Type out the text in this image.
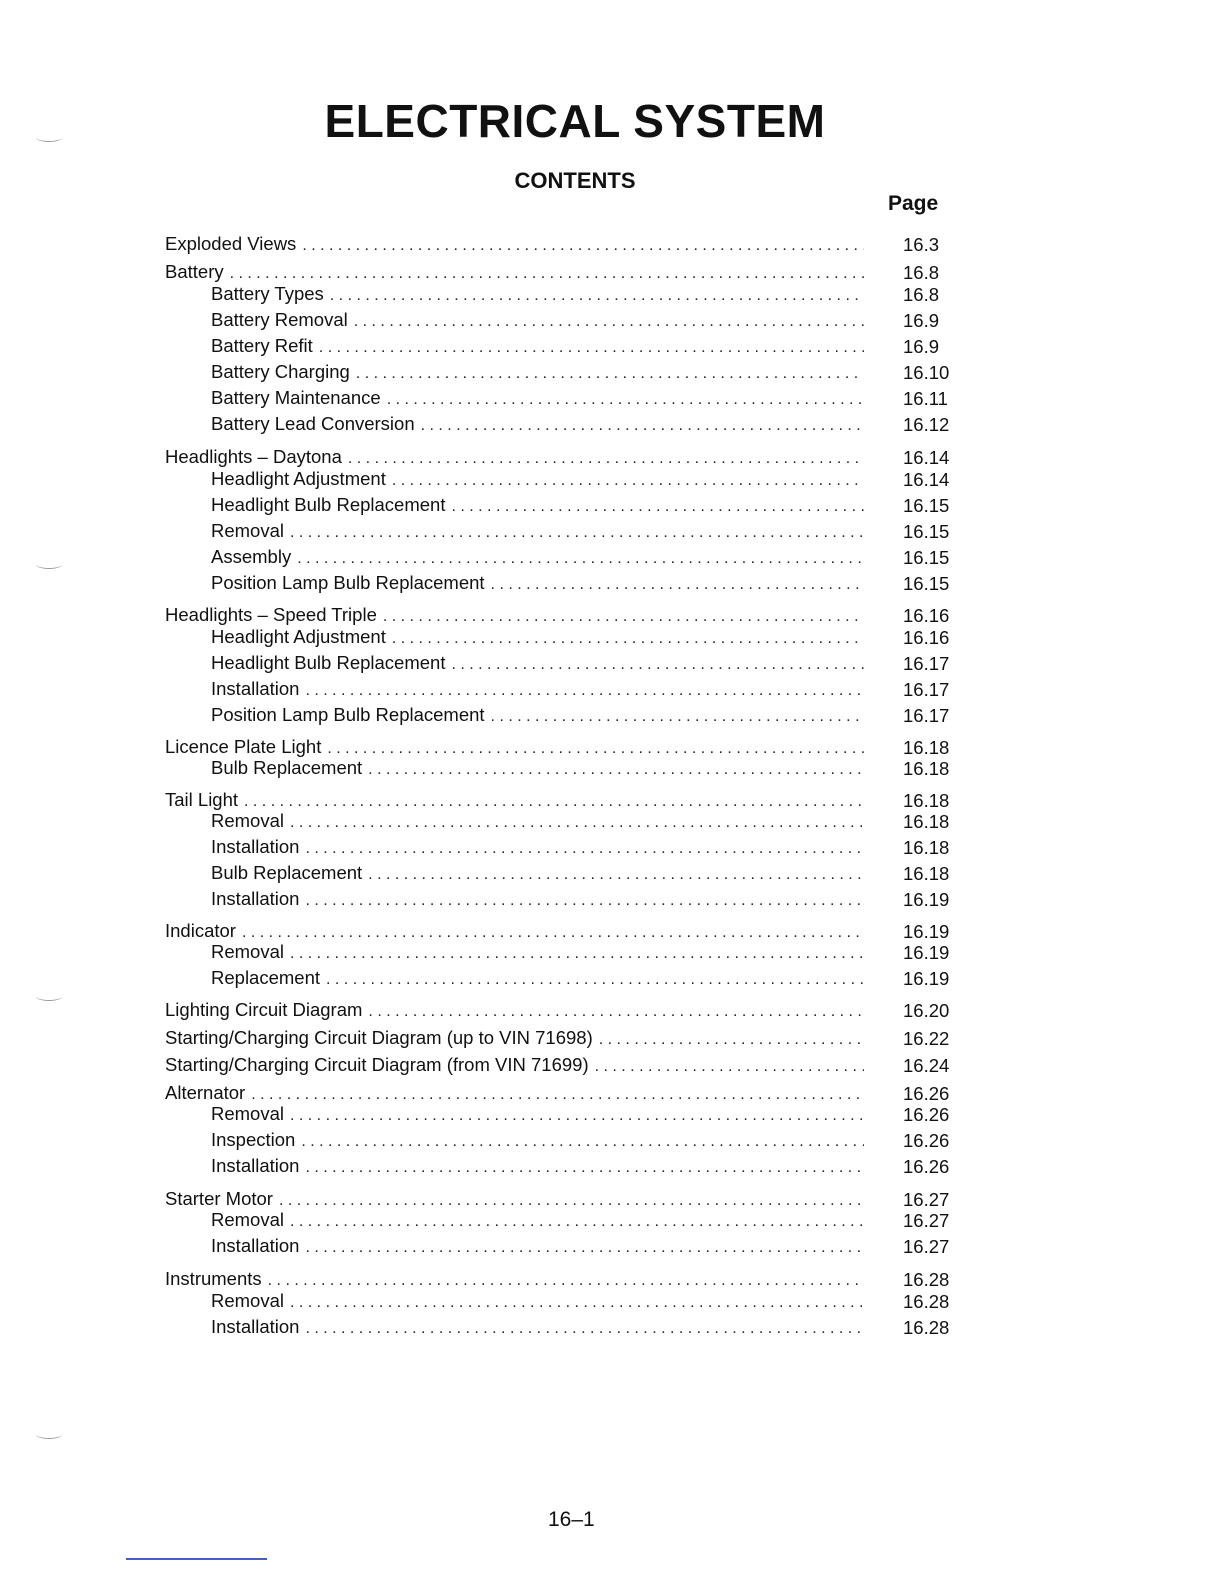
ELECTRICAL SYSTEM
CONTENTS
Page
Exploded Views . . .	16.3
Battery . . .	16.8
Battery Types . . .	16.8
Battery Removal . . .	16.9
Battery Refit . . .	16.9
Battery Charging . . .	16.10
Battery Maintenance . . .	16.11
Battery Lead Conversion . . .	16.12
Headlights – Daytona . . .	16.14
Headlight Adjustment . . .	16.14
Headlight Bulb Replacement . . .	16.15
Removal . . .	16.15
Assembly . . .	16.15
Position Lamp Bulb Replacement . . .	16.15
Headlights – Speed Triple . . .	16.16
Headlight Adjustment . . .	16.16
Headlight Bulb Replacement . . .	16.17
Installation . . .	16.17
Position Lamp Bulb Replacement . . .	16.17
Licence Plate Light . . .	16.18
Bulb Replacement . . .	16.18
Tail Light . . .	16.18
Removal . . .	16.18
Installation . . .	16.18
Bulb Replacement . . .	16.18
Installation . . .	16.19
Indicator . . .	16.19
Removal . . .	16.19
Replacement . . .	16.19
Lighting Circuit Diagram . . .	16.20
Starting/Charging Circuit Diagram (up to VIN 71698) . . .	16.22
Starting/Charging Circuit Diagram (from VIN 71699) . . .	16.24
Alternator . . .	16.26
Removal . . .	16.26
Inspection . . .	16.26
Installation . . .	16.26
Starter Motor . . .	16.27
Removal . . .	16.27
Installation . . .	16.27
Instruments . . .	16.28
Removal . . .	16.28
Installation . . .	16.28
16–1
